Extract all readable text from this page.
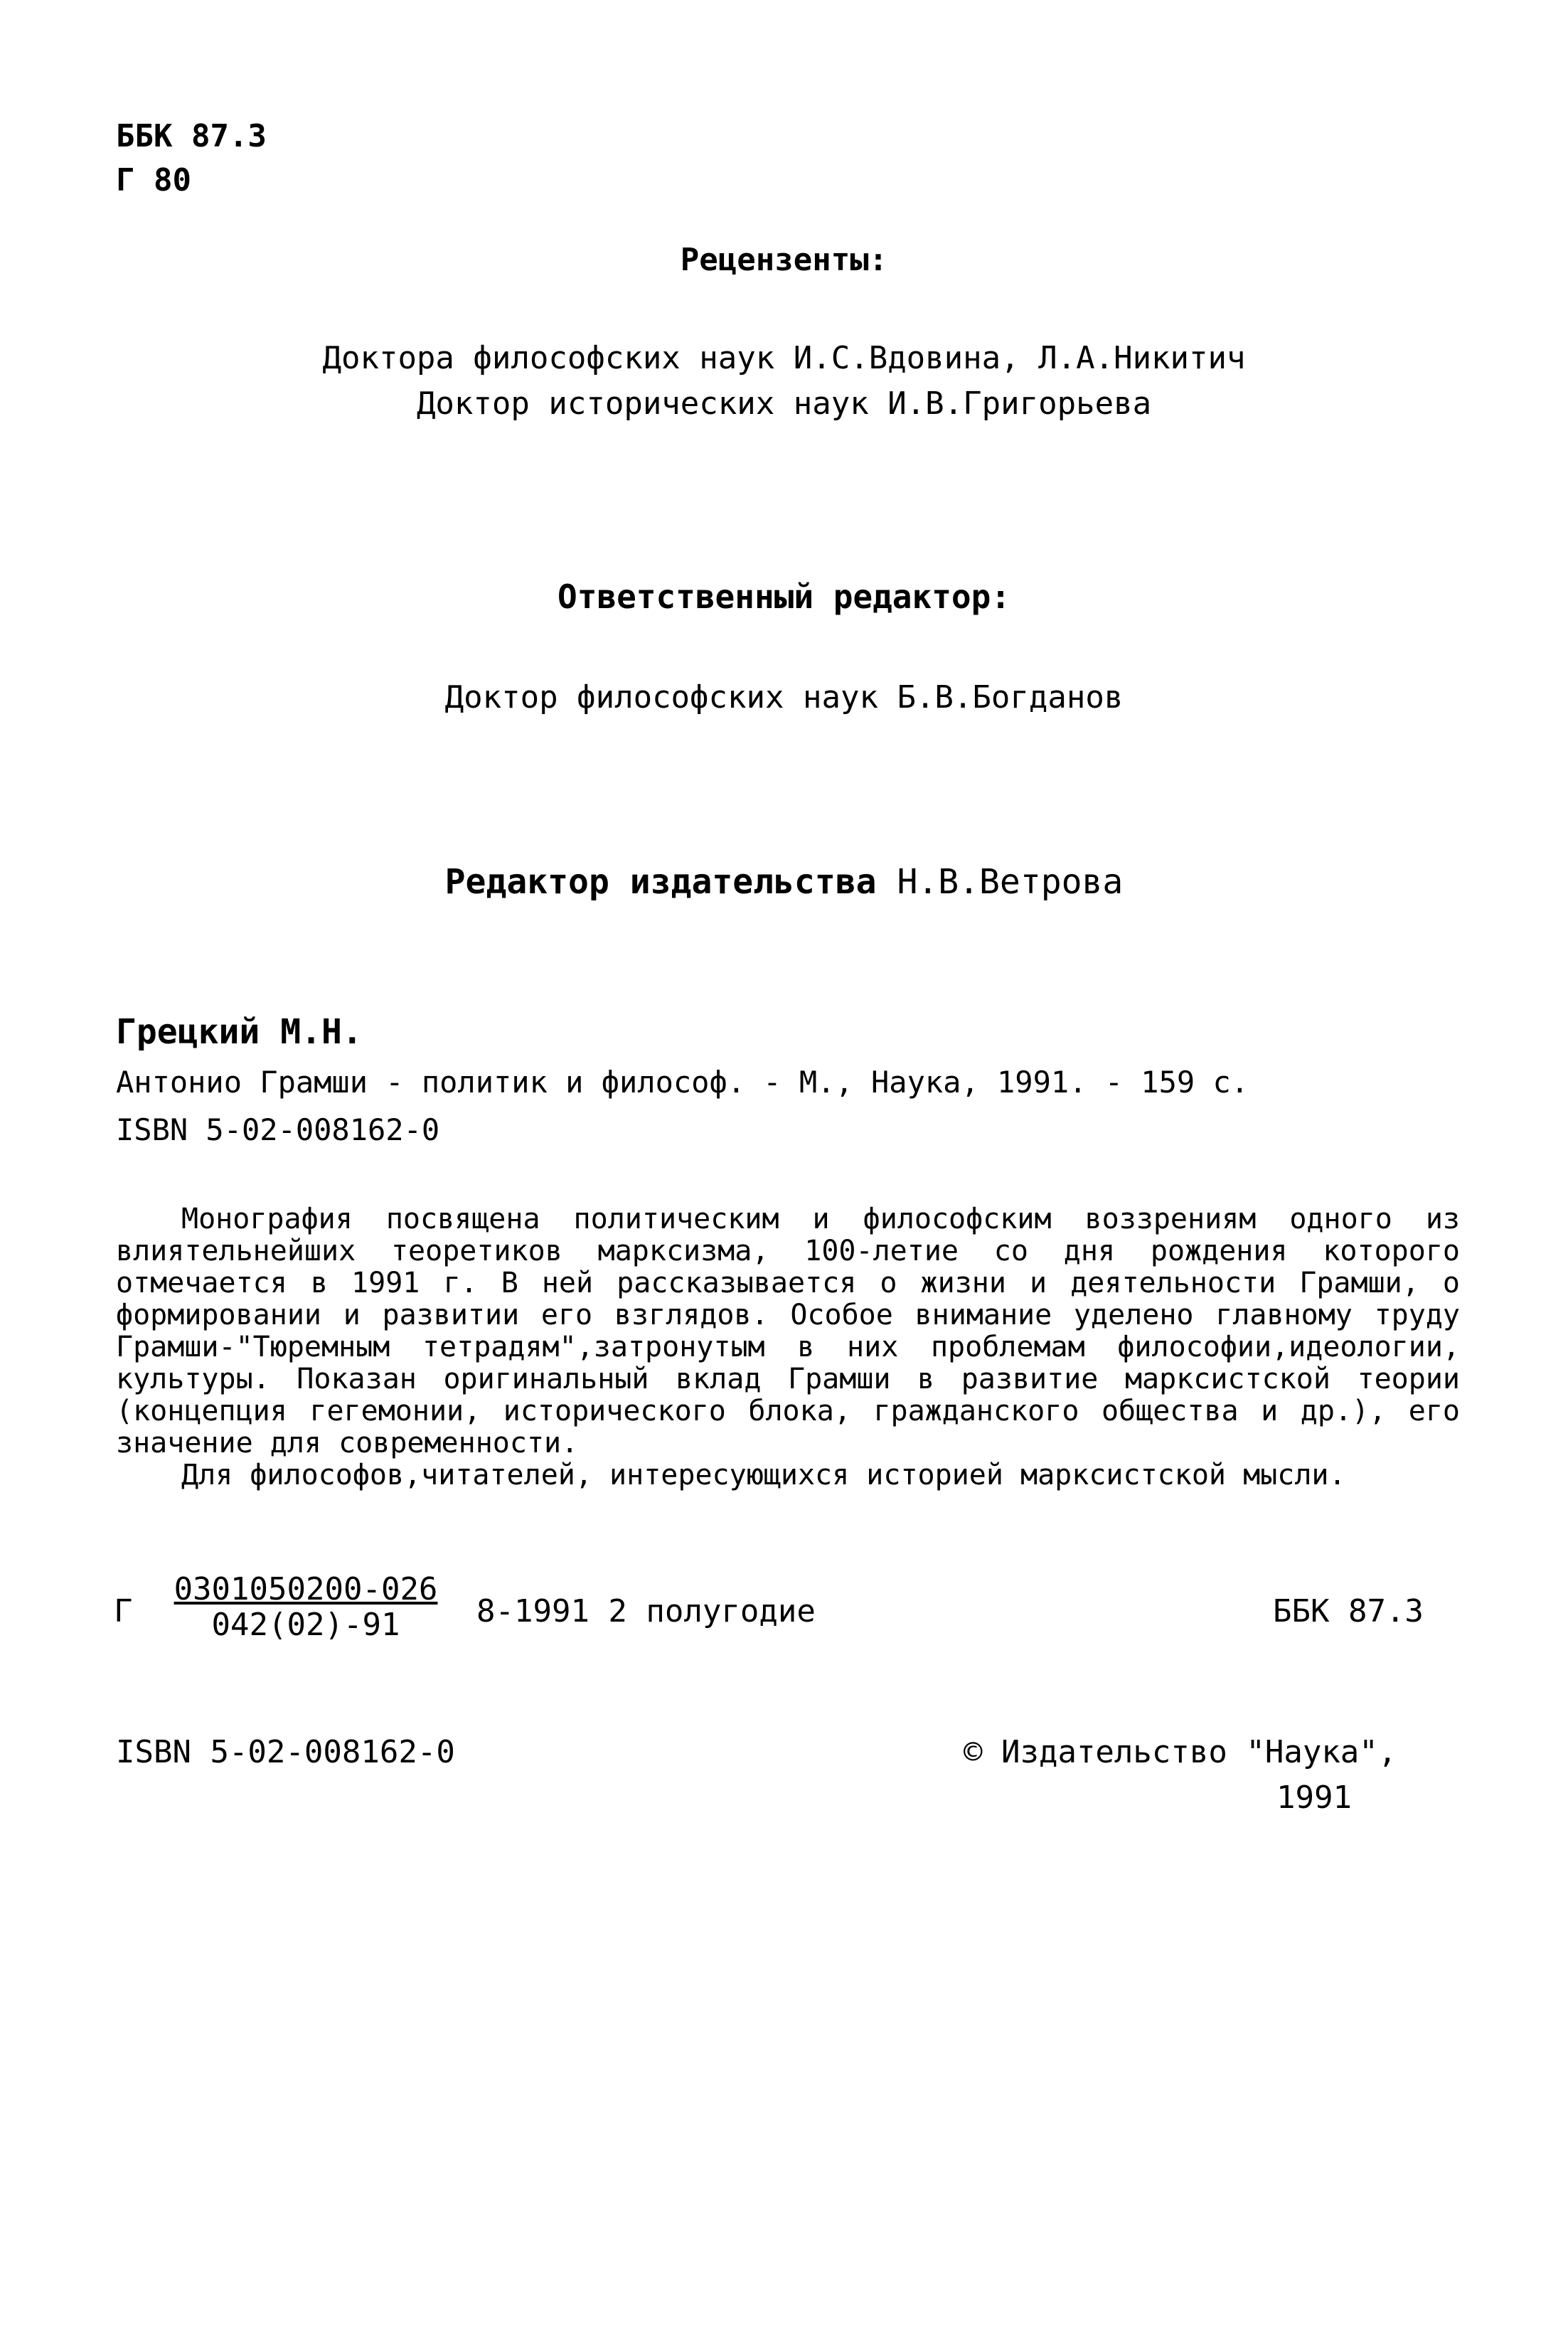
ББК 87.3
Г 80
Рецензенты:
Доктора философских наук И.С.Вдовина, Л.А.Никитич
Доктор исторических наук И.В.Григорьева
Ответственный редактор:
Доктор философских наук Б.В.Богданов
Редактор издательства Н.В.Ветрова
Грецкий М.Н.
Антонио Грамши - политик и философ. - М., Наука, 1991. - 159 с.
ISBN 5-02-008162-0

Монография посвящена политическим и философским воззрениям одного из влиятельнейших теоретиков марксизма, 100-летие со дня рождения которого отмечается в 1991 г. В ней рассказывается о жизни и деятельности Грамши, о формировании и развитии его взглядов. Особое внимание уделено главному труду Грамши-"Тюремным тетрадям",затронутым в них проблемам философии,идеологии, культуры. Показан оригинальный вклад Грамши в развитие марксистской теории (концепция гегемонии, исторического блока, гражданского общества и др.), его значение для современности.

Для философов,читателей, интересующихся историей марксистской мысли.

Г $\frac{0301050200-026}{042(02)-91} 8-1991$ 2 полугодие	ББК 87.3
ISBN 5-02-008162-0	© Издательство "Наука",
1991
